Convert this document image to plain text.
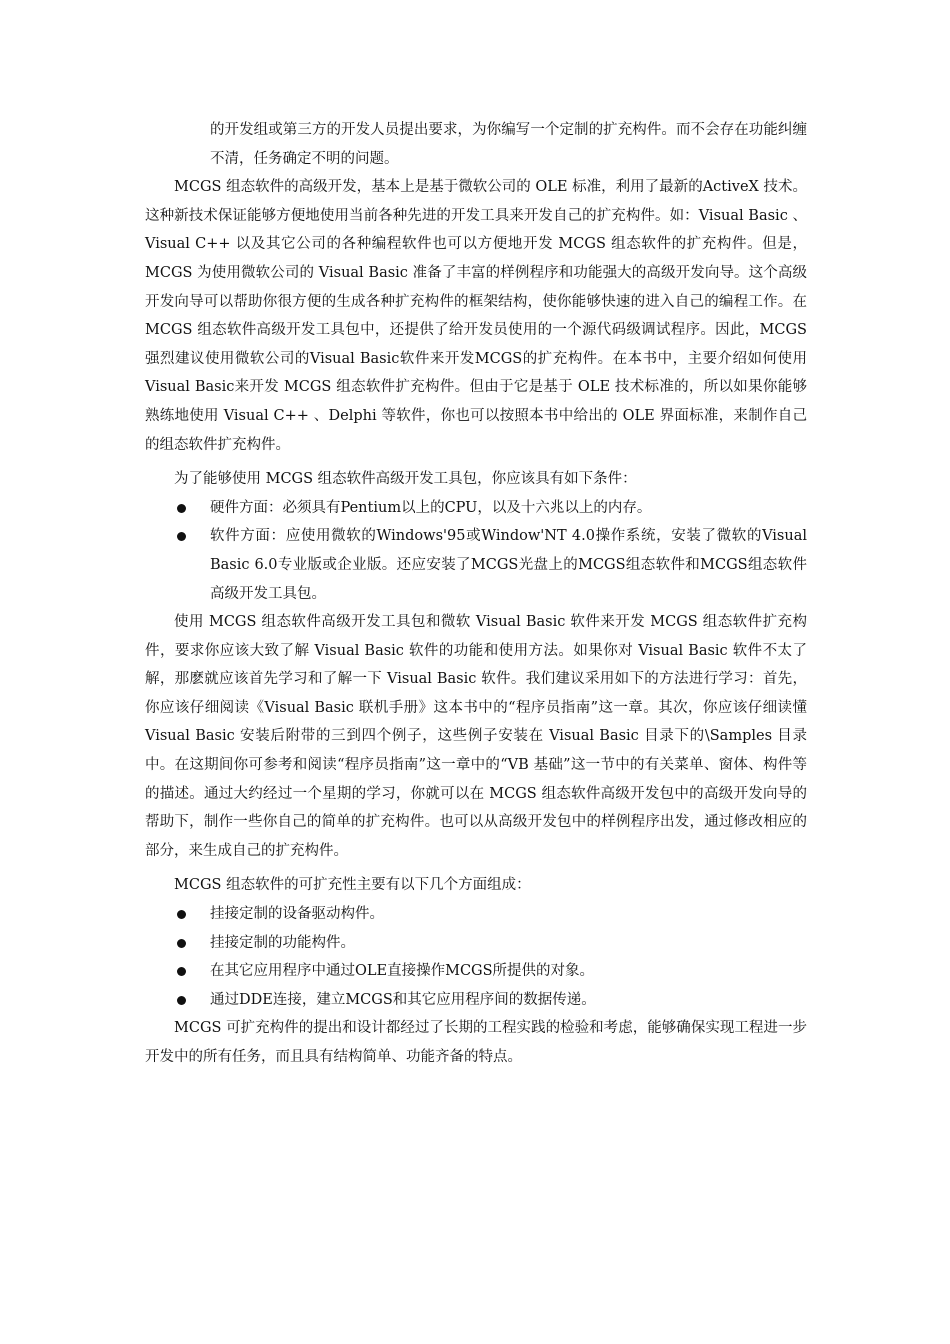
的开发组或第三方的开发人员提出要求，为你编写一个定制的扩充构件。而不会存在功能纠缠不清，任务确定不明的问题。

MCGS 组态软件的高级开发，基本上是基于微软公司的 OLE 标准，利用了最新的ActiveX 技术。这种新技术保证能够方便地使用当前各种先进的开发工具来开发自己的扩充构件。如：Visual Basic 、Visual C++ 以及其它公司的各种编程软件也可以方便地开发 MCGS 组态软件的扩充构件。但是，MCGS 为使用微软公司的 Visual Basic 准备了丰富的样例程序和功能强大的高级开发向导。这个高级开发向导可以帮助你很方便的生成各种扩充构件的框架结构，使你能够快速的进入自己的编程工作。在 MCGS 组态软件高级开发工具包中，还提供了给开发员使用的一个源代码级调试程序。因此，MCGS 强烈建议使用微软公司的Visual Basic软件来开发MCGS的扩充构件。在本书中，主要介绍如何使用Visual Basic来开发 MCGS 组态软件扩充构件。但由于它是基于 OLE 技术标准的，所以如果你能够熟练地使用 Visual C++ 、Delphi 等软件，你也可以按照本书中给出的 OLE 界面标准，来制作自己的组态软件扩充构件。

为了能够使用 MCGS 组态软件高级开发工具包，你应该具有如下条件：

硬件方面：必须具有Pentium以上的CPU，以及十六兆以上的内存。
软件方面：应使用微软的Windows'95或Window'NT 4.0操作系统，安装了微软的Visual Basic 6.0专业版或企业版。还应安装了MCGS光盘上的MCGS组态软件和MCGS组态软件高级开发工具包。

使用 MCGS 组态软件高级开发工具包和微软 Visual Basic 软件来开发 MCGS 组态软件扩充构件，要求你应该大致了解 Visual Basic 软件的功能和使用方法。如果你对 Visual Basic 软件不太了解，那麽就应该首先学习和了解一下 Visual Basic 软件。我们建议采用如下的方法进行学习：首先，你应该仔细阅读《Visual Basic 联机手册》这本书中的“程序员指南”这一章。其次，你应该仔细读懂 Visual Basic 安装后附带的三到四个例子，这些例子安装在 Visual Basic 目录下的\Samples 目录中。在这期间你可参考和阅读“程序员指南”这一章中的“VB 基础”这一节中的有关菜单、窗体、构件等的描述。通过大约经过一个星期的学习，你就可以在 MCGS 组态软件高级开发包中的高级开发向导的帮助下，制作一些你自己的简单的扩充构件。也可以从高级开发包中的样例程序出发，通过修改相应的部分，来生成自己的扩充构件。

MCGS 组态软件的可扩充性主要有以下几个方面组成：

挂接定制的设备驱动构件。
挂接定制的功能构件。
在其它应用程序中通过OLE直接操作MCGS所提供的对象。
通过DDE连接，建立MCGS和其它应用程序间的数据传递。

MCGS 可扩充构件的提出和设计都经过了长期的工程实践的检验和考虑，能够确保实现工程进一步开发中的所有任务，而且具有结构简单、功能齐备的特点。
